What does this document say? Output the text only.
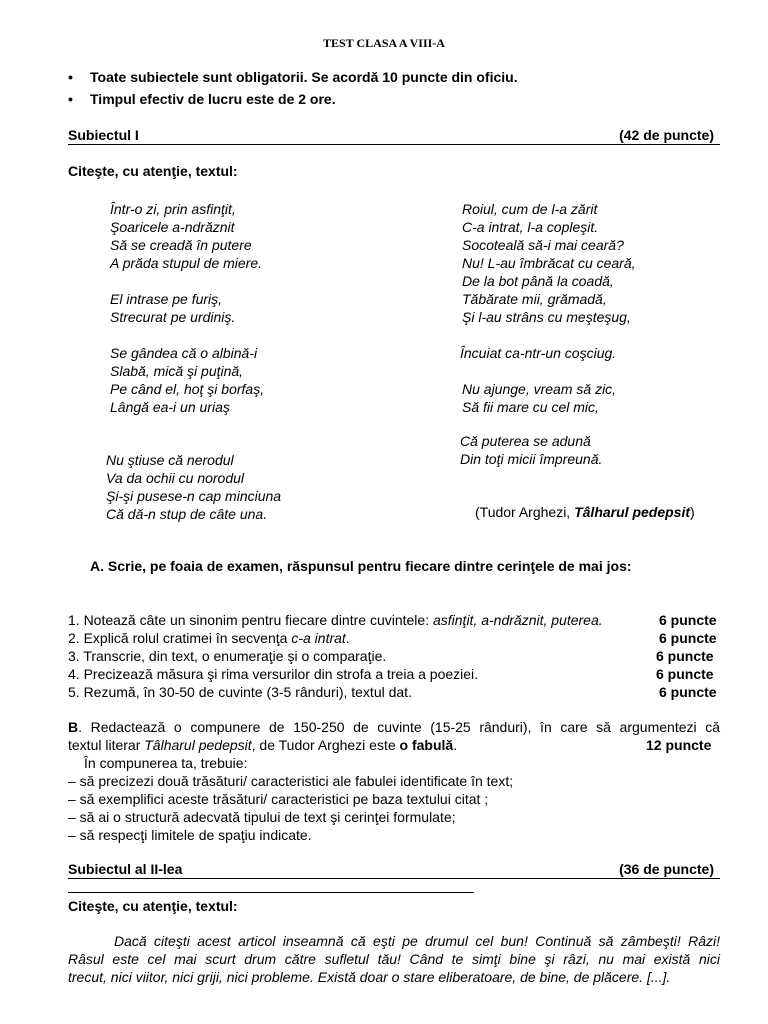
TEST CLASA A VIII-A
• Toate subiectele sunt obligatorii. Se acordă 10 puncte din oficiu.
• Timpul efectiv de lucru este de 2 ore.
Subiectul I	(42 de puncte)
Citeşte, cu atenţie, textul:
Într-o zi, prin asfinţit,
Şoaricele a-ndrăznit
Să se creadă în putere
A prăda stupul de miere.
El intrase pe furiş,
Strecurat pe urdiniş.
Se gândea că o albină-i
Slabă, mică şi puţină,
Pe când el, hoţ şi borfaş,
Lângă ea-i un uriaş
Nu ştiuse că nerodul
Va da ochii cu norodul
Şi-şi pusese-n cap minciuna
Că dă-n stup de câte una.
Roiul, cum de l-a zărit
C-a intrat, l-a copleşit.
Socoteală să-i mai ceară?
Nu! L-au îmbrăcat cu ceară,
De la bot până la coadă,
Tăbărate mii, grămadă,
Şi l-au strâns cu meşteşug,
Încuiat ca-ntr-un coşciug.
Nu ajunge, vream să zic,
Să fii mare cu cel mic,
Că puterea se adună
Din toţi micii împreună.
(Tudor Arghezi, Tâlharul pedepsit)
A. Scrie, pe foaia de examen, răspunsul pentru fiecare dintre cerinţele de mai jos:
1. Notează câte un sinonim pentru fiecare dintre cuvintele: asfinţit, a-ndrăznit, puterea.	6 puncte
2. Explică rolul cratimei în secvenţa c-a intrat.	6 puncte
3. Transcrie, din text, o enumeraţie şi o comparaţie.	6 puncte
4. Precizează măsura şi rima versurilor din strofa a treia a poeziei.	6 puncte
5. Rezumă, în 30-50 de cuvinte (3-5 rânduri), textul dat.	6 puncte
B. Redactează o compunere de 150-250 de cuvinte (15-25 rânduri), în care să argumentezi că
textul literar Tâlharul pedepsit, de Tudor Arghezi este o fabulă.	12 puncte
În compunerea ta, trebuie:
– să precizezi două trăsături/ caracteristici ale fabulei identificate în text;
– să exemplifici aceste trăsături/ caracteristici pe baza textului citat ;
– să ai o structură adecvată tipului de text şi cerinţei formulate;
– să respecţi limitele de spaţiu indicate.
Subiectul al II-lea	(36 de puncte)
Citeşte, cu atenţie, textul:
Dacă citeşti acest articol inseamnă că eşti pe drumul cel bun! Continuă să zâmbeşti! Râzi!
Râsul este cel mai scurt drum către sufletul tău! Când te simţi bine şi râzi, nu mai există nici
trecut, nici viitor, nici griji, nici probleme. Există doar o stare eliberatoare, de bine, de plăcere. [...].
